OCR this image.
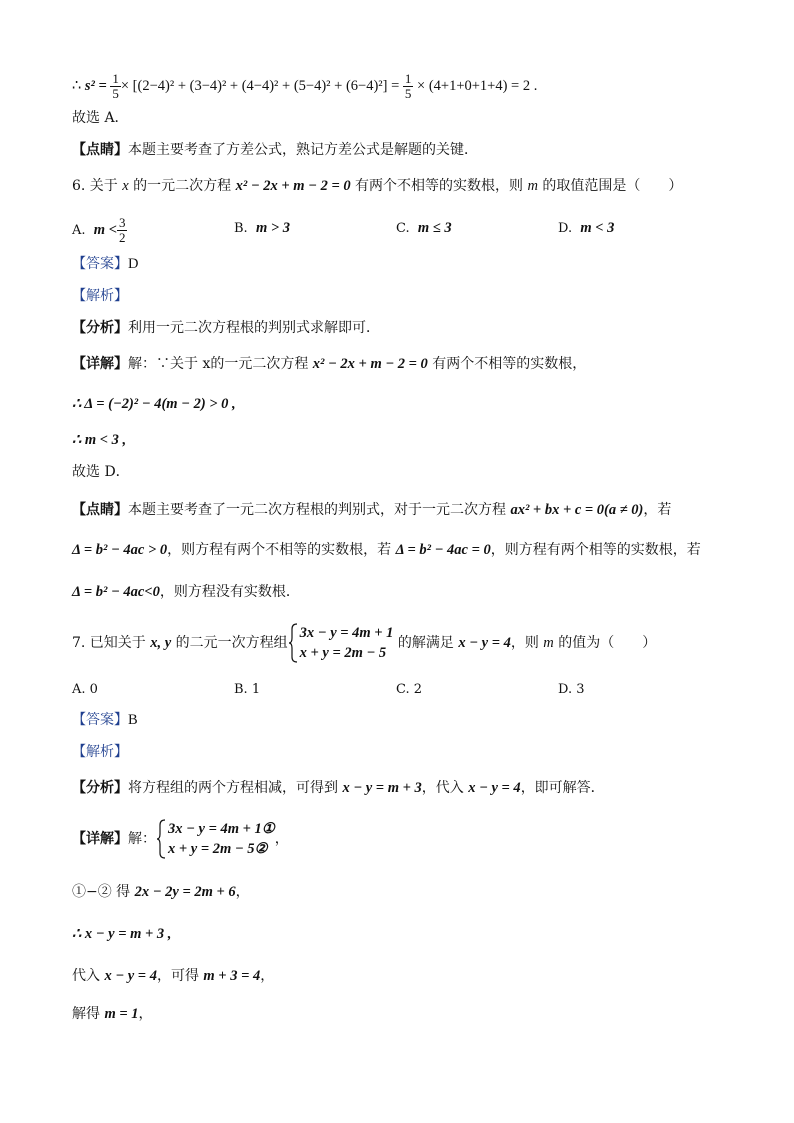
∴ $s^2 = \frac{1}{5} \times [(2-4)^2 + (3-4)^2 + (4-4)^2 + (5-4)^2 + (6-4)^2] = \frac{1}{5} \times (4+1+0+1+4) = 2$ .
故选 A．
【点睛】本题主要考查了方差公式，熟记方差公式是解题的关键．
6. 关于 x 的一元二次方程 x² − 2x + m − 2 = 0 有两个不相等的实数根，则 m 的取值范围是（　　）
A. $m < \frac{3}{2}$	B. m > 3	C. m ≤ 3	D. m < 3
【答案】D
【解析】
【分析】利用一元二次方程根的判别式求解即可．
【详解】解：∵关于 x的一元二次方程 x² − 2x + m − 2 = 0 有两个不相等的实数根，
∴ Δ = (−2)² − 4(m − 2) > 0 ,
∴ m < 3 ,
故选 D．
【点睛】本题主要考查了一元二次方程根的判别式，对于一元二次方程 ax² + bx + c = 0(a ≠ 0)，若
Δ = b² − 4ac > 0，则方程有两个不相等的实数根，若 Δ = b² − 4ac = 0，则方程有两个相等的实数根，若
Δ = b² − 4ac<0，则方程没有实数根．
7. 已知关于 x, y 的二元一次方程组
3x − y = 4m + 1
x + y = 2m − 5
的解满足 x − y = 4，则 m 的值为（　　）
A. 0	B. 1	C. 2	D. 3
【答案】B
【解析】
【分析】将方程组的两个方程相减，可得到 x − y = m + 3，代入 x − y = 4，即可解答．
【详解】解：
3x − y = 4m + 1①
x + y = 2m − 5②
，
①−② 得 2x − 2y = 2m + 6，
∴ x − y = m + 3 ,
代入 x − y = 4，可得 m + 3 = 4，
解得 m = 1，
